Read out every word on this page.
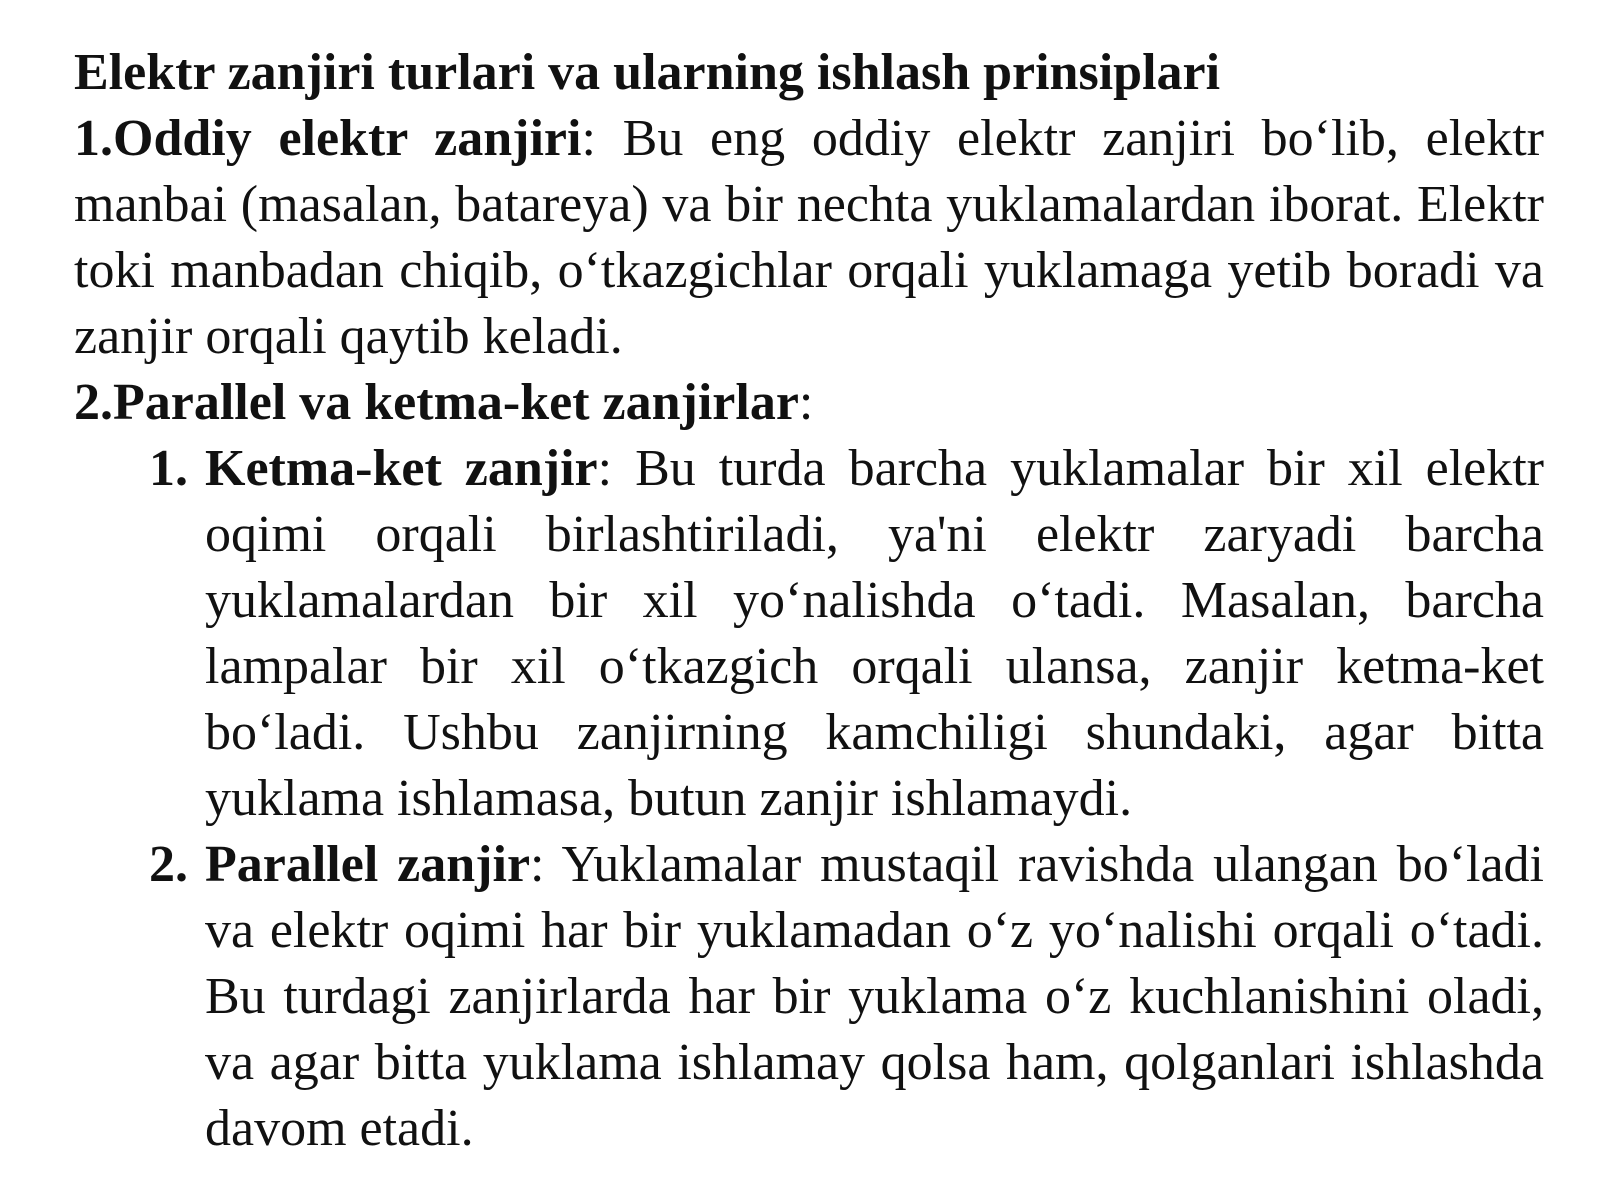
Elektr zanjiri turlari va ularning ishlash prinsiplari

1.Oddiy elektr zanjiri: Bu eng oddiy elektr zanjiri bo‘lib, elektr manbai (masalan, batareya) va bir nechta yuklamalardan iborat. Elektr toki manbadan chiqib, o‘tkazgichlar orqali yuklamaga yetib boradi va zanjir orqali qaytib keladi.

2.Parallel va ketma-ket zanjirlar:

1. Ketma-ket zanjir: Bu turda barcha yuklamalar bir xil elektr oqimi orqali birlashtiriladi, ya'ni elektr zaryadi barcha yuklamalardan bir xil yo‘nalishda o‘tadi. Masalan, barcha lampalar bir xil o‘tkazgich orqali ulansa, zanjir ketma-ket bo‘ladi. Ushbu zanjirning kamchiligi shundaki, agar bitta yuklama ishlamasa, butun zanjir ishlamaydi.
2. Parallel zanjir: Yuklamalar mustaqil ravishda ulangan bo‘ladi va elektr oqimi har bir yuklamadan o‘z yo‘nalishi orqali o‘tadi. Bu turdagi zanjirlarda har bir yuklama o‘z kuchlanishini oladi, va agar bitta yuklama ishlamay qolsa ham, qolganlari ishlashda davom etadi.
